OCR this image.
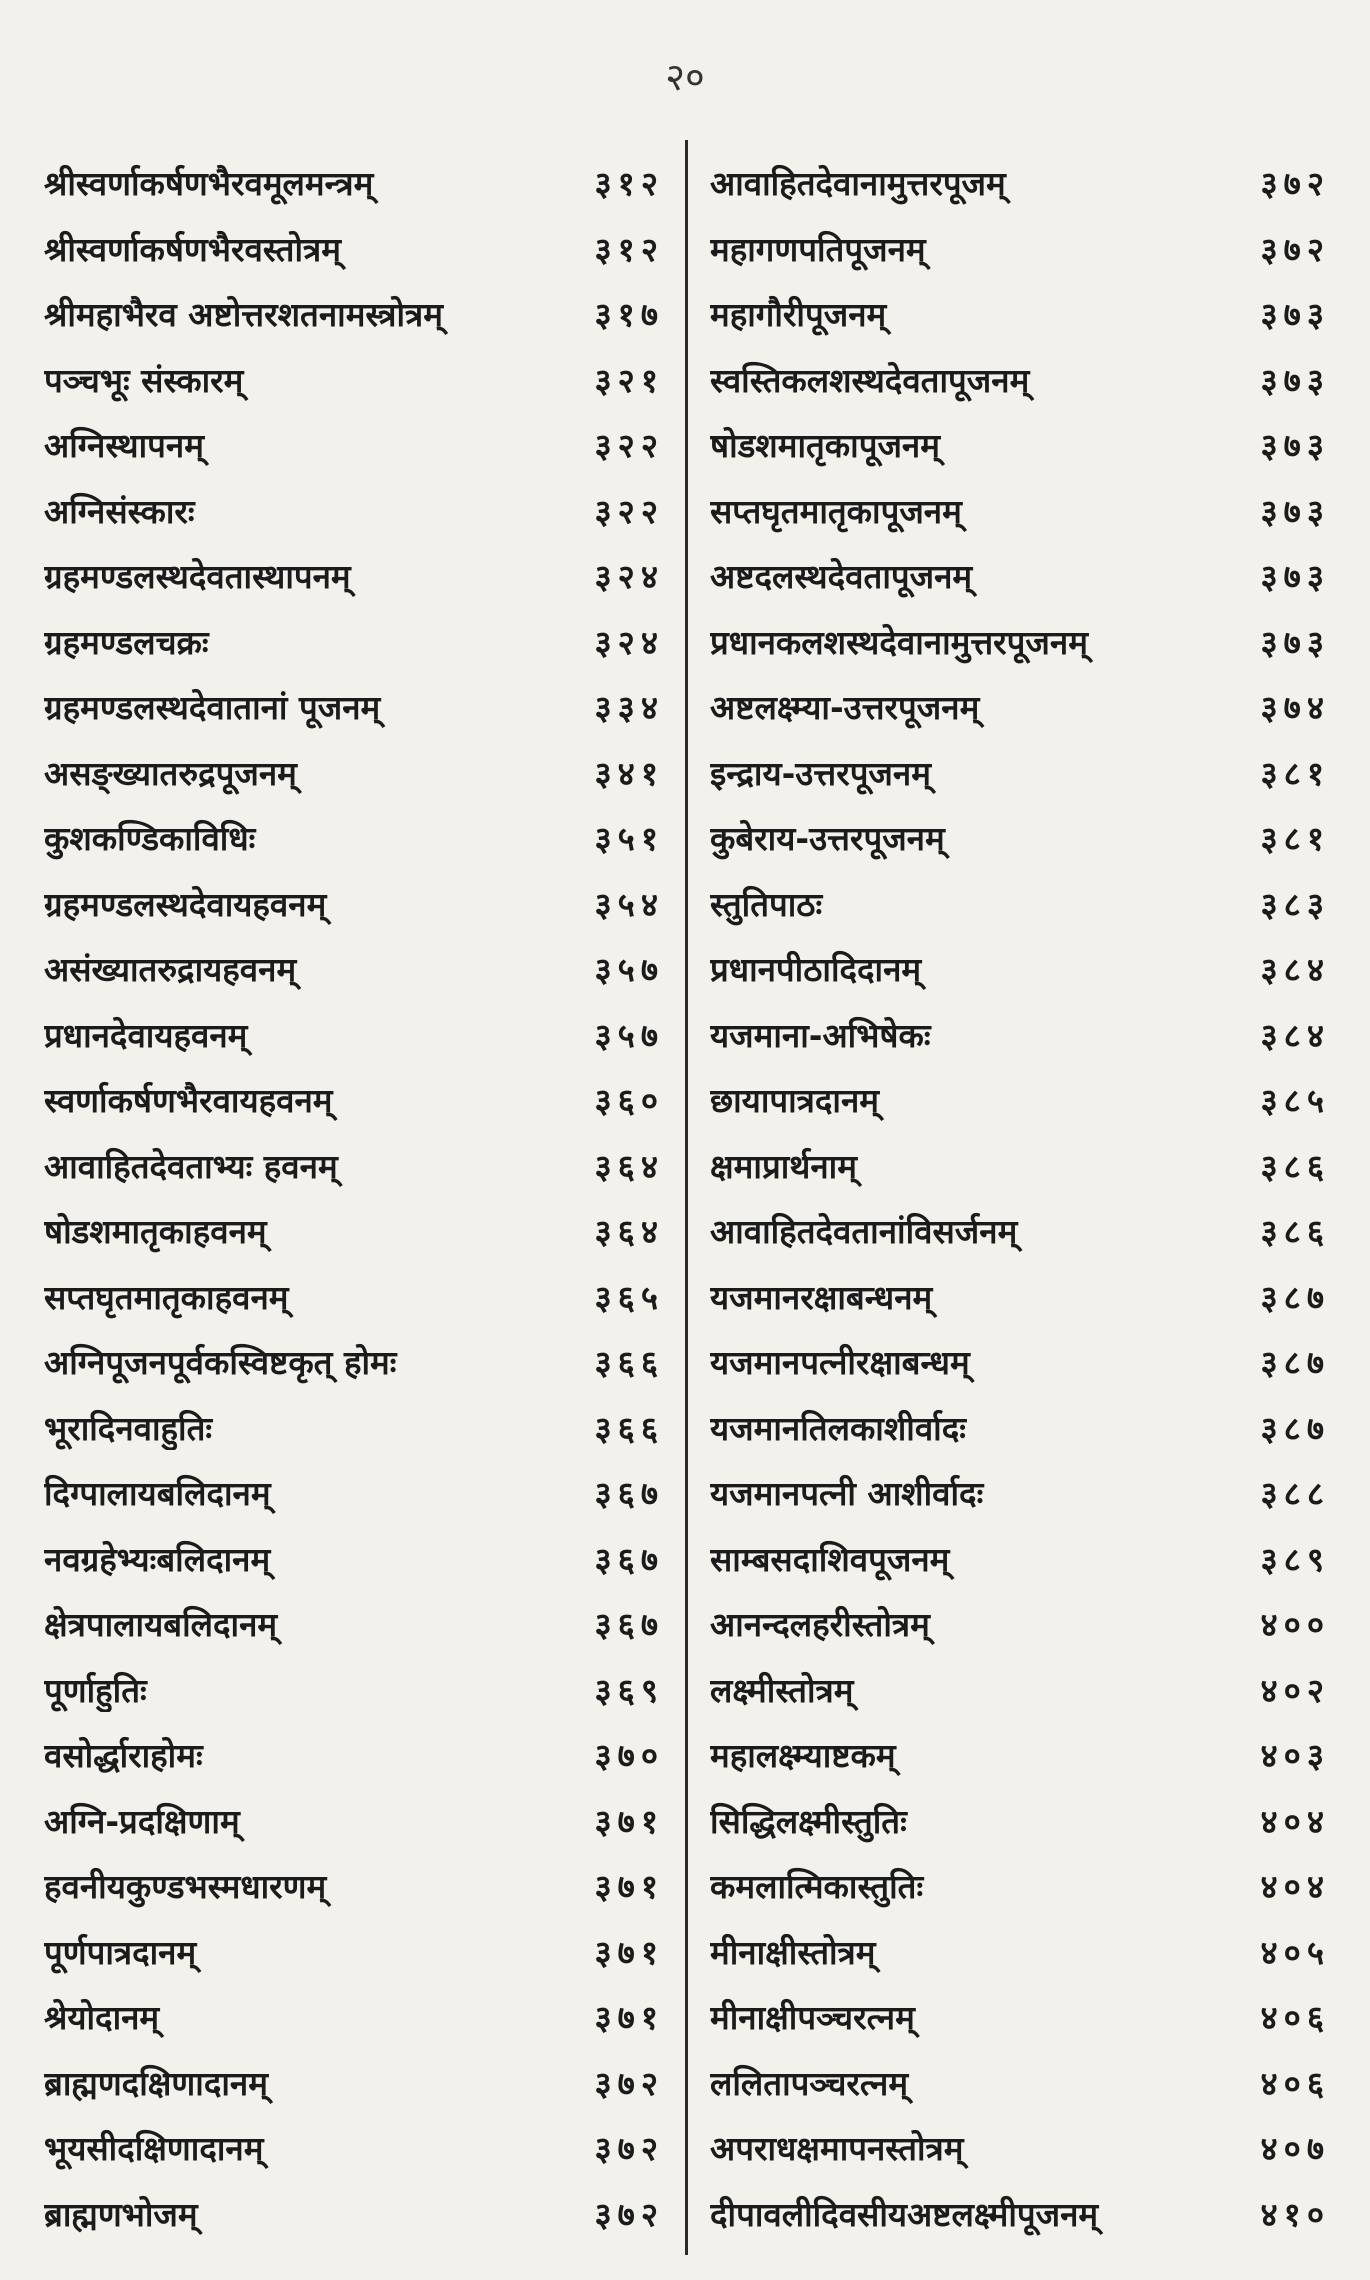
२०
श्रीस्वर्णाकर्षणभैरवमूलमन्त्रम्	३१२
श्रीस्वर्णाकर्षणभैरवस्तोत्रम्	३१२
श्रीमहाभैरव अष्टोत्तरशतनामस्त्रोत्रम्	३१७
पञ्चभूः संस्कारम्	३२१
अग्निस्थापनम्	३२२
अग्निसंस्कारः	३२२
ग्रहमण्डलस्थदेवतास्थापनम्	३२४
ग्रहमण्डलचक्रः	३२४
ग्रहमण्डलस्थदेवातानां पूजनम्	३३४
असङ्ख्यातरुद्रपूजनम्	३४१
कुशकण्डिकाविधिः	३५१
ग्रहमण्डलस्थदेवायहवनम्	३५४
असंख्यातरुद्रायहवनम्	३५७
प्रधानदेवायहवनम्	३५७
स्वर्णाकर्षणभैरवायहवनम्	३६०
आवाहितदेवताभ्यः हवनम्	३६४
षोडशमातृकाहवनम्	३६४
सप्तघृतमातृकाहवनम्	३६५
अग्निपूजनपूर्वकस्विष्टकृत् होमः	३६६
भूरादिनवाहुतिः	३६६
दिग्पालायबलिदानम्	३६७
नवग्रहेभ्यःबलिदानम्	३६७
क्षेत्रपालायबलिदानम्	३६७
पूर्णाहुतिः	३६९
वसोर्द्धाराहोमः	३७०
अग्नि-प्रदक्षिणाम्	३७१
हवनीयकुण्डभस्मधारणम्	३७१
पूर्णपात्रदानम्	३७१
श्रेयोदानम्	३७१
ब्राह्मणदक्षिणादानम्	३७२
भूयसीदक्षिणादानम्	३७२
ब्राह्मणभोजम्	३७२
आवाहितदेवानामुत्तरपूजम्	३७२
महागणपतिपूजनम्	३७२
महागौरीपूजनम्	३७३
स्वस्तिकलशस्थदेवतापूजनम्	३७३
षोडशमातृकापूजनम्	३७३
सप्तघृतमातृकापूजनम्	३७३
अष्टदलस्थदेवतापूजनम्	३७३
प्रधानकलशस्थदेवानामुत्तरपूजनम्	३७३
अष्टलक्ष्म्या-उत्तरपूजनम्	३७४
इन्द्राय-उत्तरपूजनम्	३८१
कुबेराय-उत्तरपूजनम्	३८१
स्तुतिपाठः	३८३
प्रधानपीठादिदानम्	३८४
यजमाना-अभिषेकः	३८४
छायापात्रदानम्	३८५
क्षमाप्रार्थनाम्	३८६
आवाहितदेवतानांविसर्जनम्	३८६
यजमानरक्षाबन्धनम्	३८७
यजमानपत्नीरक्षाबन्धम्	३८७
यजमानतिलकाशीर्वादः	३८७
यजमानपत्नी आशीर्वादः	३८८
साम्बसदाशिवपूजनम्	३८९
आनन्दलहरीस्तोत्रम्	४००
लक्ष्मीस्तोत्रम्	४०२
महालक्ष्म्याष्टकम्	४०३
सिद्धिलक्ष्मीस्तुतिः	४०४
कमलात्मिकास्तुतिः	४०४
मीनाक्षीस्तोत्रम्	४०५
मीनाक्षीपञ्चरत्नम्	४०६
ललितापञ्चरत्नम्	४०६
अपराधक्षमापनस्तोत्रम्	४०७
दीपावलीदिवसीयअष्टलक्ष्मीपूजनम्	४१०
